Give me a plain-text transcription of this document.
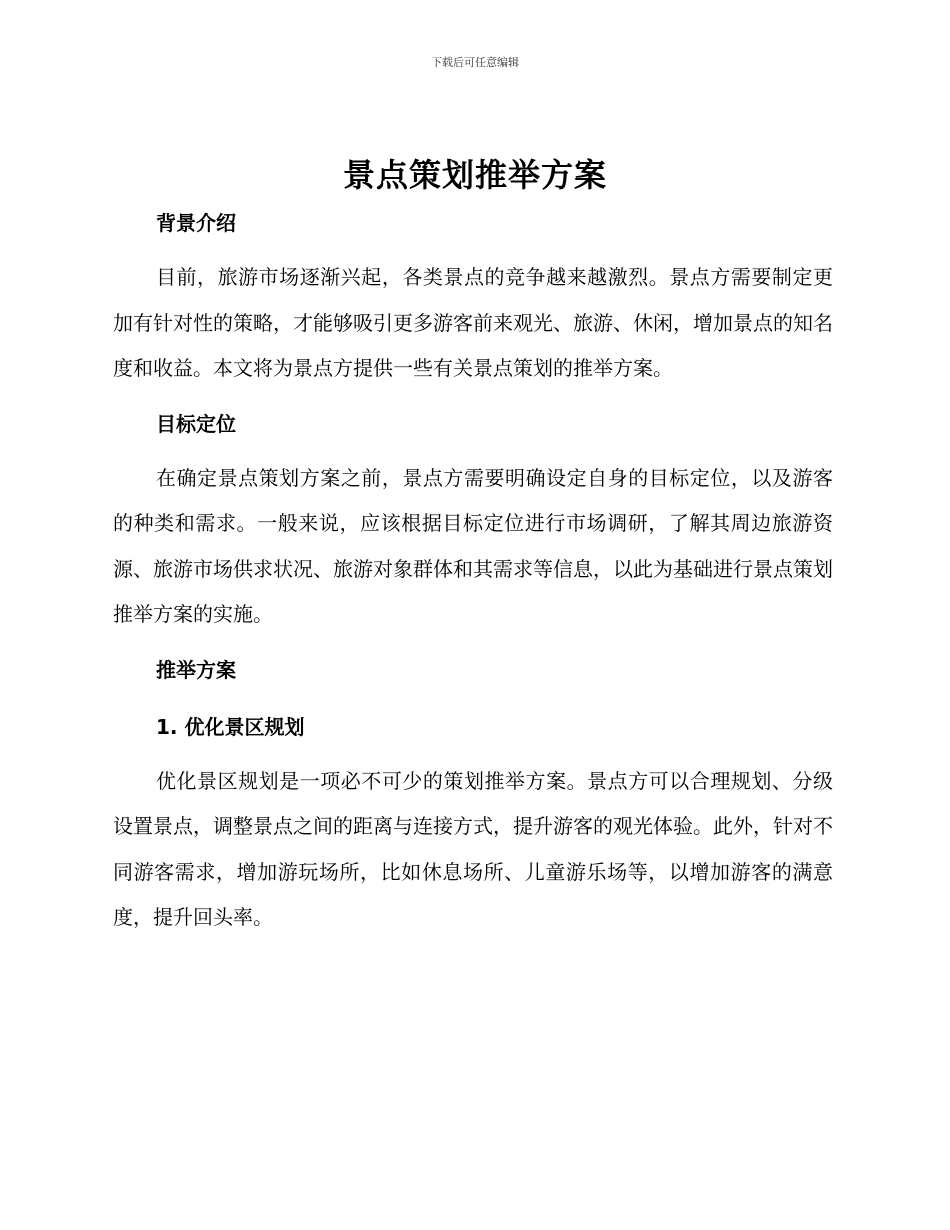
下载后可任意编辑
景点策划推举方案

背景介绍

目前，旅游市场逐渐兴起，各类景点的竞争越来越激烈。景点方需要制定更加有针对性的策略，才能够吸引更多游客前来观光、旅游、休闲，增加景点的知名度和收益。本文将为景点方提供一些有关景点策划的推举方案。

目标定位

在确定景点策划方案之前，景点方需要明确设定自身的目标定位，以及游客的种类和需求。一般来说，应该根据目标定位进行市场调研，了解其周边旅游资源、旅游市场供求状况、旅游对象群体和其需求等信息，以此为基础进行景点策划推举方案的实施。

推举方案

1. 优化景区规划

优化景区规划是一项必不可少的策划推举方案。景点方可以合理规划、分级设置景点，调整景点之间的距离与连接方式，提升游客的观光体验。此外，针对不同游客需求，增加游玩场所，比如休息场所、儿童游乐场等，以增加游客的满意度，提升回头率。
